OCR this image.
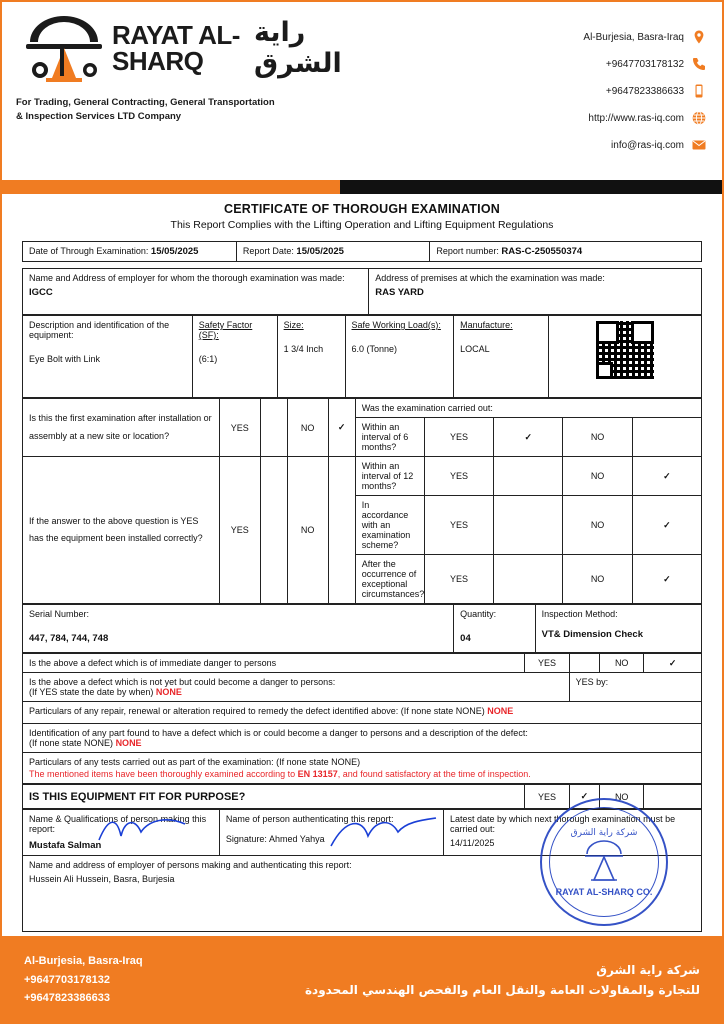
RAYAT AL-SHARQ
راية الشرق
For Trading, General Contracting, General Transportation
& Inspection Services LTD Company
Al-Burjesia, Basra-Iraq
+9647703178132
+9647823386633
http://www.ras-iq.com
info@ras-iq.com
CERTIFICATE OF THOROUGH EXAMINATION
This Report Complies with the Lifting Operation and Lifting Equipment Regulations
Date of Through Examination: 15/05/2025	Report Date: 15/05/2025	Report number: RAS-C-250550374
Name and Address of employer for whom the thorough examination was made:
IGCC

Address of premises at which the examination was made:
RAS YARD
Description and identification of the equipment:
Eye Bolt with Link

Safety Factor (SF):
(6:1)

Size:
1 3/4 Inch

Safe Working Load(s):
6.0 (Tonne)

Manufacture:
LOCAL

Is this the first examination after installation or assembly at a new site or location?	YES		NO	✓	Was the examination carried out:				
					Within an interval of 6 months?	YES	✓	NO	

If the answer to the above question is YES has the equipment been installed correctly?	YES		NO		Within an interval of 12 months?	YES		NO	✓
					In accordance with an examination scheme?	YES		NO	✓
					After the occurrence of exceptional circumstances?	YES		NO	✓
Serial Number:
447, 784, 744, 748

Quantity:
04

Inspection Method:
VT& Dimension Check
Is the above a defect which is of immediate danger to persons	YES		NO	✓

Is the above a defect which is not yet but could become a danger to persons:
(If YES state the date by when) NONE		YES by:		
Particulars of any repair, renewal or alteration required to remedy the defect identified above: (If none state NONE) NONE				

Identification of any part found to have a defect which is or could become a danger to persons and a description of the defect:
(If none state NONE) NONE				

Particulars of any tests carried out as part of the examination: (If none state NONE)
The mentioned items have been thoroughly examined according to EN 13157, and found satisfactory at the time of inspection.				
IS THIS EQUIPMENT FIT FOR PURPOSE?	YES	✓	NO	
Name & Qualifications of person making this report:
Mustafa Salman

Name of person authenticating this report:
Signature: Ahmed Yahya

Latest date by which next thorough examination must be carried out:
14/11/2025

Name and address of employer of persons making and authenticating this report:
Hussein Ali Hussein, Basra, Burjesia
شركة راية الشرق
RAYAT AL-SHARQ CO.
Al-Burjesia, Basra-Iraq
+9647703178132
+9647823386633
شركة راية الشرق
للتجارة والمقاولات العامة والنقل العام والفحص الهندسي المحدودة
